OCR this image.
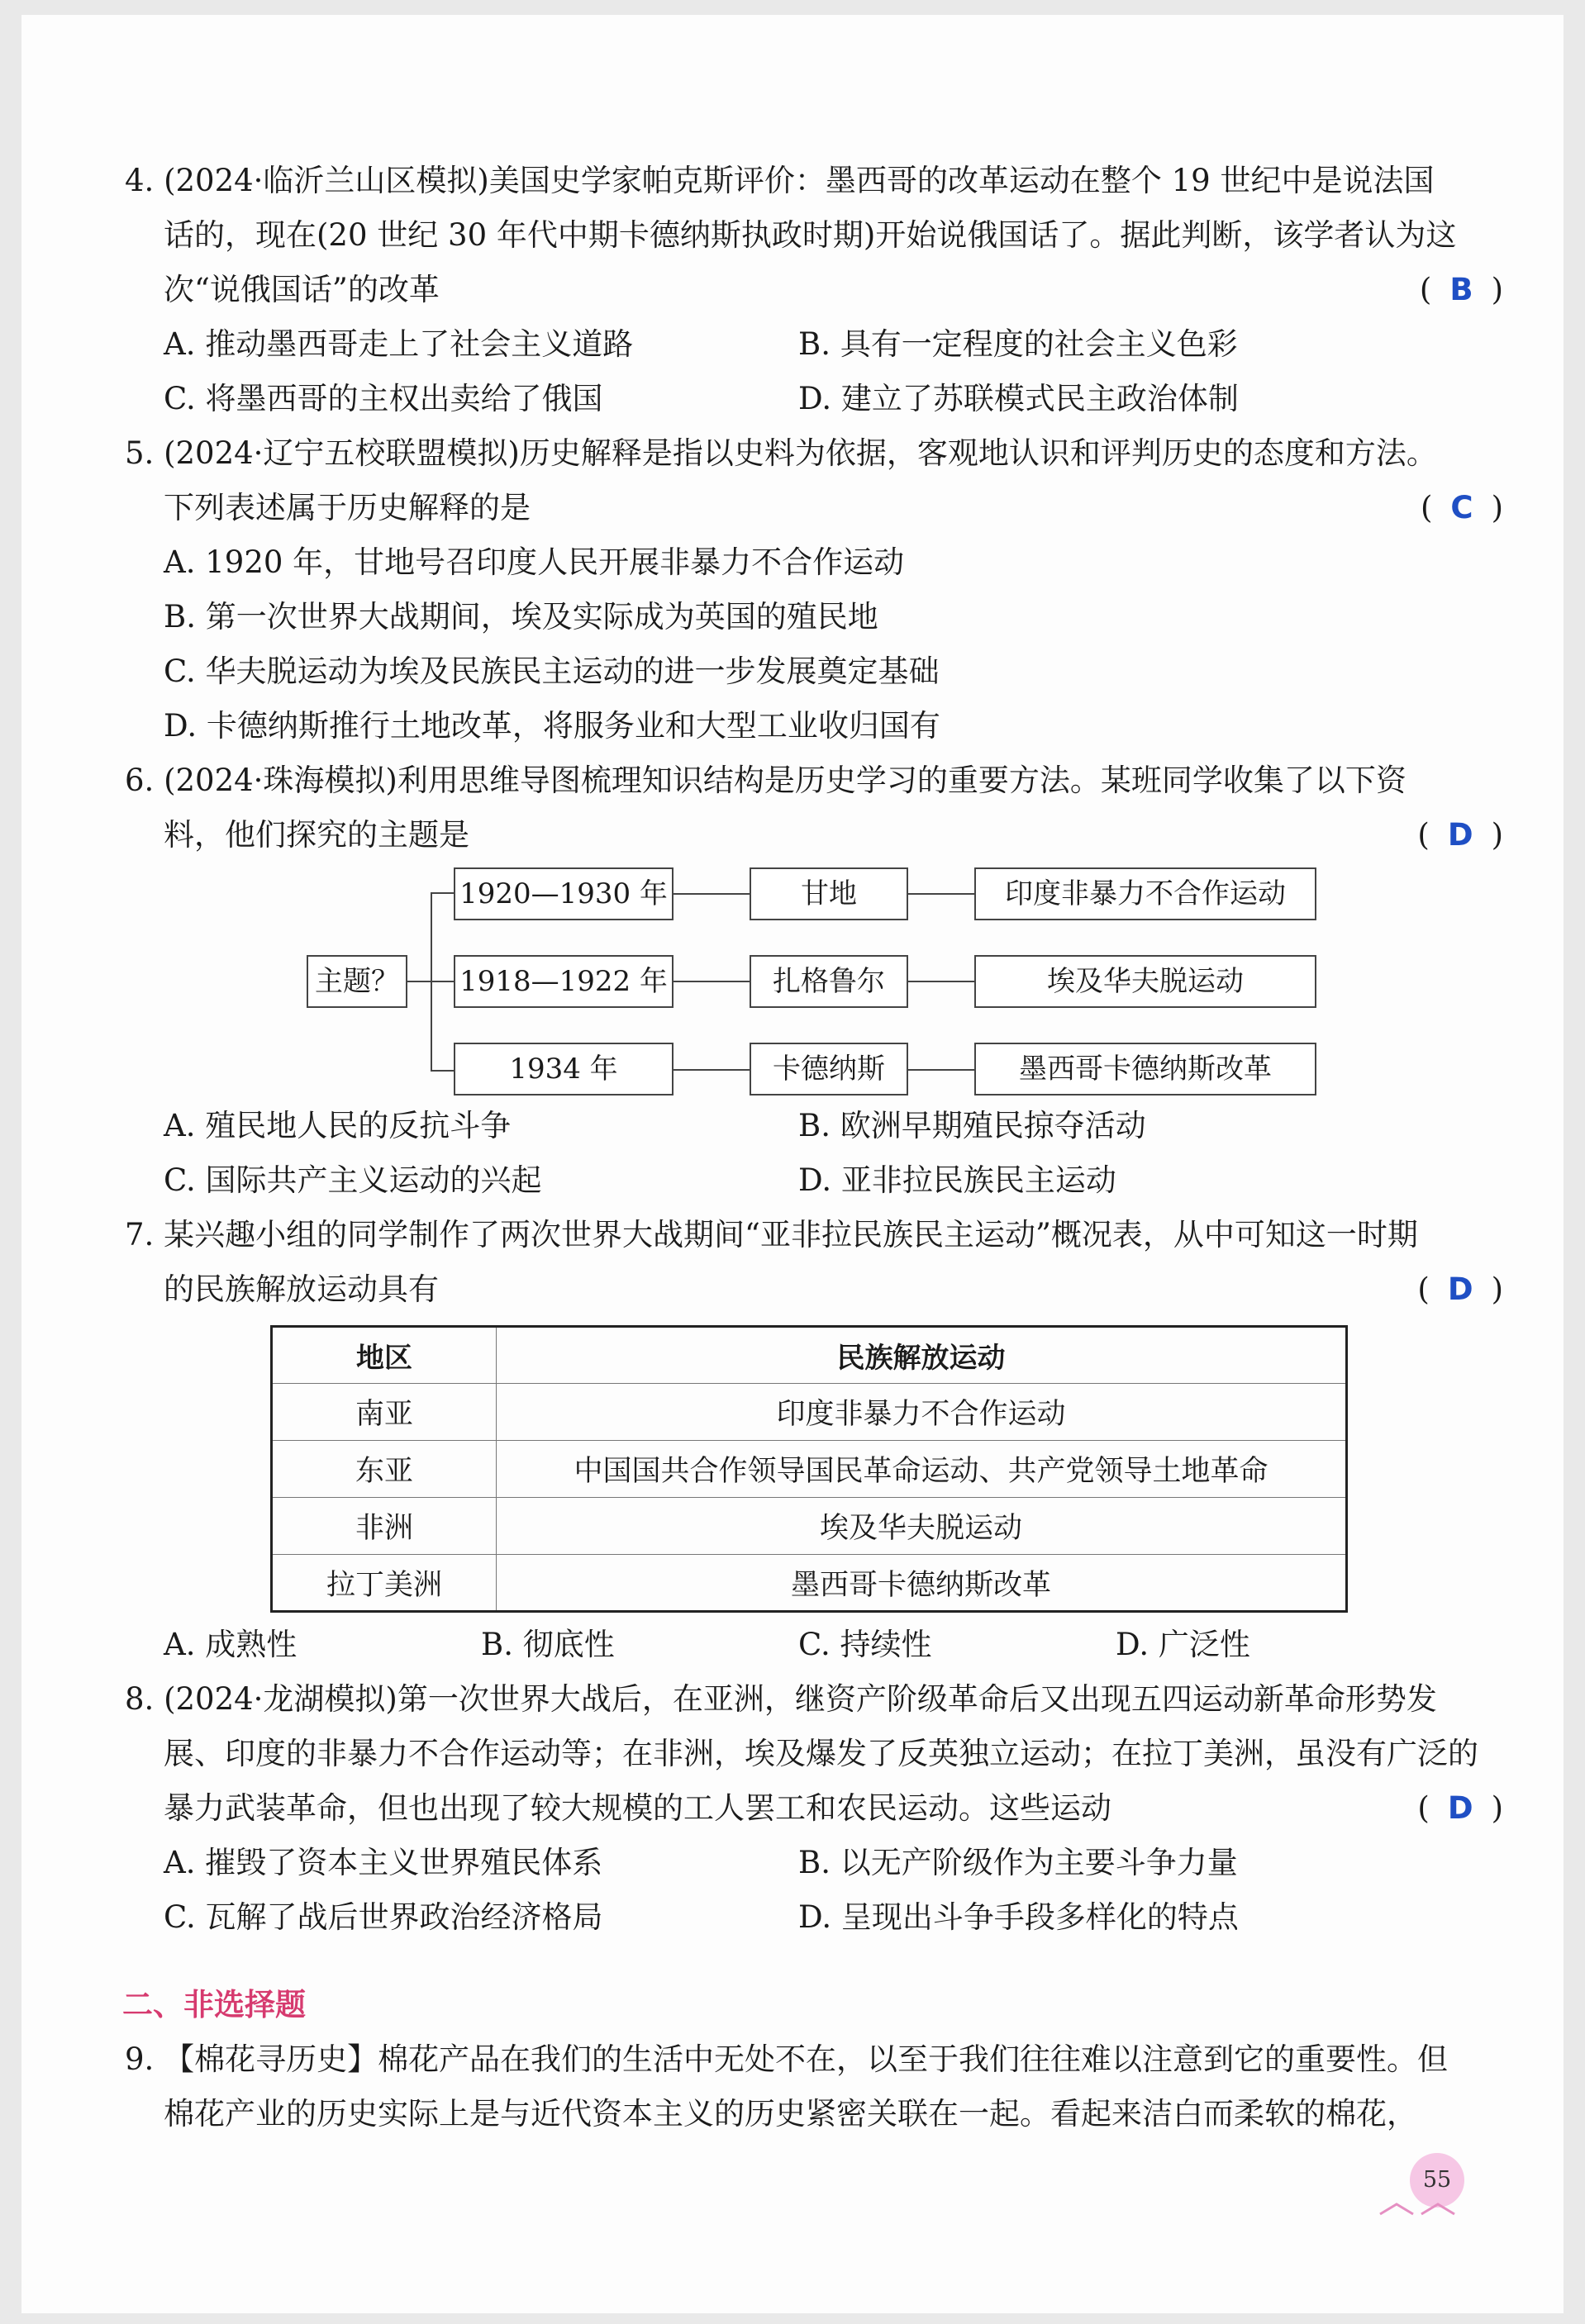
4. (2024·临沂兰山区模拟)美国史学家帕克斯评价：墨西哥的改革运动在整个 19 世纪中是说法国
话的，现在(20 世纪 30 年代中期卡德纳斯执政时期)开始说俄国话了。据此判断，该学者认为这
次“说俄国话”的改革	( B )
A. 推动墨西哥走上了社会主义道路	B. 具有一定程度的社会主义色彩
C. 将墨西哥的主权出卖给了俄国	D. 建立了苏联模式民主政治体制
5. (2024·辽宁五校联盟模拟)历史解释是指以史料为依据，客观地认识和评判历史的态度和方法。
下列表述属于历史解释的是	( C )
A. 1920 年，甘地号召印度人民开展非暴力不合作运动
B. 第一次世界大战期间，埃及实际成为英国的殖民地
C. 华夫脱运动为埃及民族民主运动的进一步发展奠定基础
D. 卡德纳斯推行土地改革，将服务业和大型工业收归国有
6. (2024·珠海模拟)利用思维导图梳理知识结构是历史学习的重要方法。某班同学收集了以下资
料，他们探究的主题是	( D )
主题？
1920—1930 年	甘地	印度非暴力不合作运动
1918—1922 年	扎格鲁尔	埃及华夫脱运动
1934 年	卡德纳斯	墨西哥卡德纳斯改革
A. 殖民地人民的反抗斗争	B. 欧洲早期殖民掠夺活动
C. 国际共产主义运动的兴起	D. 亚非拉民族民主运动
7. 某兴趣小组的同学制作了两次世界大战期间“亚非拉民族民主运动”概况表，从中可知这一时期
的民族解放运动具有	( D )
地区	民族解放运动
南亚	印度非暴力不合作运动
东亚	中国国共合作领导国民革命运动、共产党领导土地革命
非洲	埃及华夫脱运动
拉丁美洲	墨西哥卡德纳斯改革
A. 成熟性	B. 彻底性	C. 持续性	D. 广泛性
8. (2024·龙湖模拟)第一次世界大战后，在亚洲，继资产阶级革命后又出现五四运动新革命形势发
展、印度的非暴力不合作运动等；在非洲，埃及爆发了反英独立运动；在拉丁美洲，虽没有广泛的
暴力武装革命，但也出现了较大规模的工人罢工和农民运动。这些运动	( D )
A. 摧毁了资本主义世界殖民体系	B. 以无产阶级作为主要斗争力量
C. 瓦解了战后世界政治经济格局	D. 呈现出斗争手段多样化的特点
二、非选择题
9. 【棉花寻历史】棉花产品在我们的生活中无处不在，以至于我们往往难以注意到它的重要性。但
棉花产业的历史实际上是与近代资本主义的历史紧密关联在一起。看起来洁白而柔软的棉花，
55
